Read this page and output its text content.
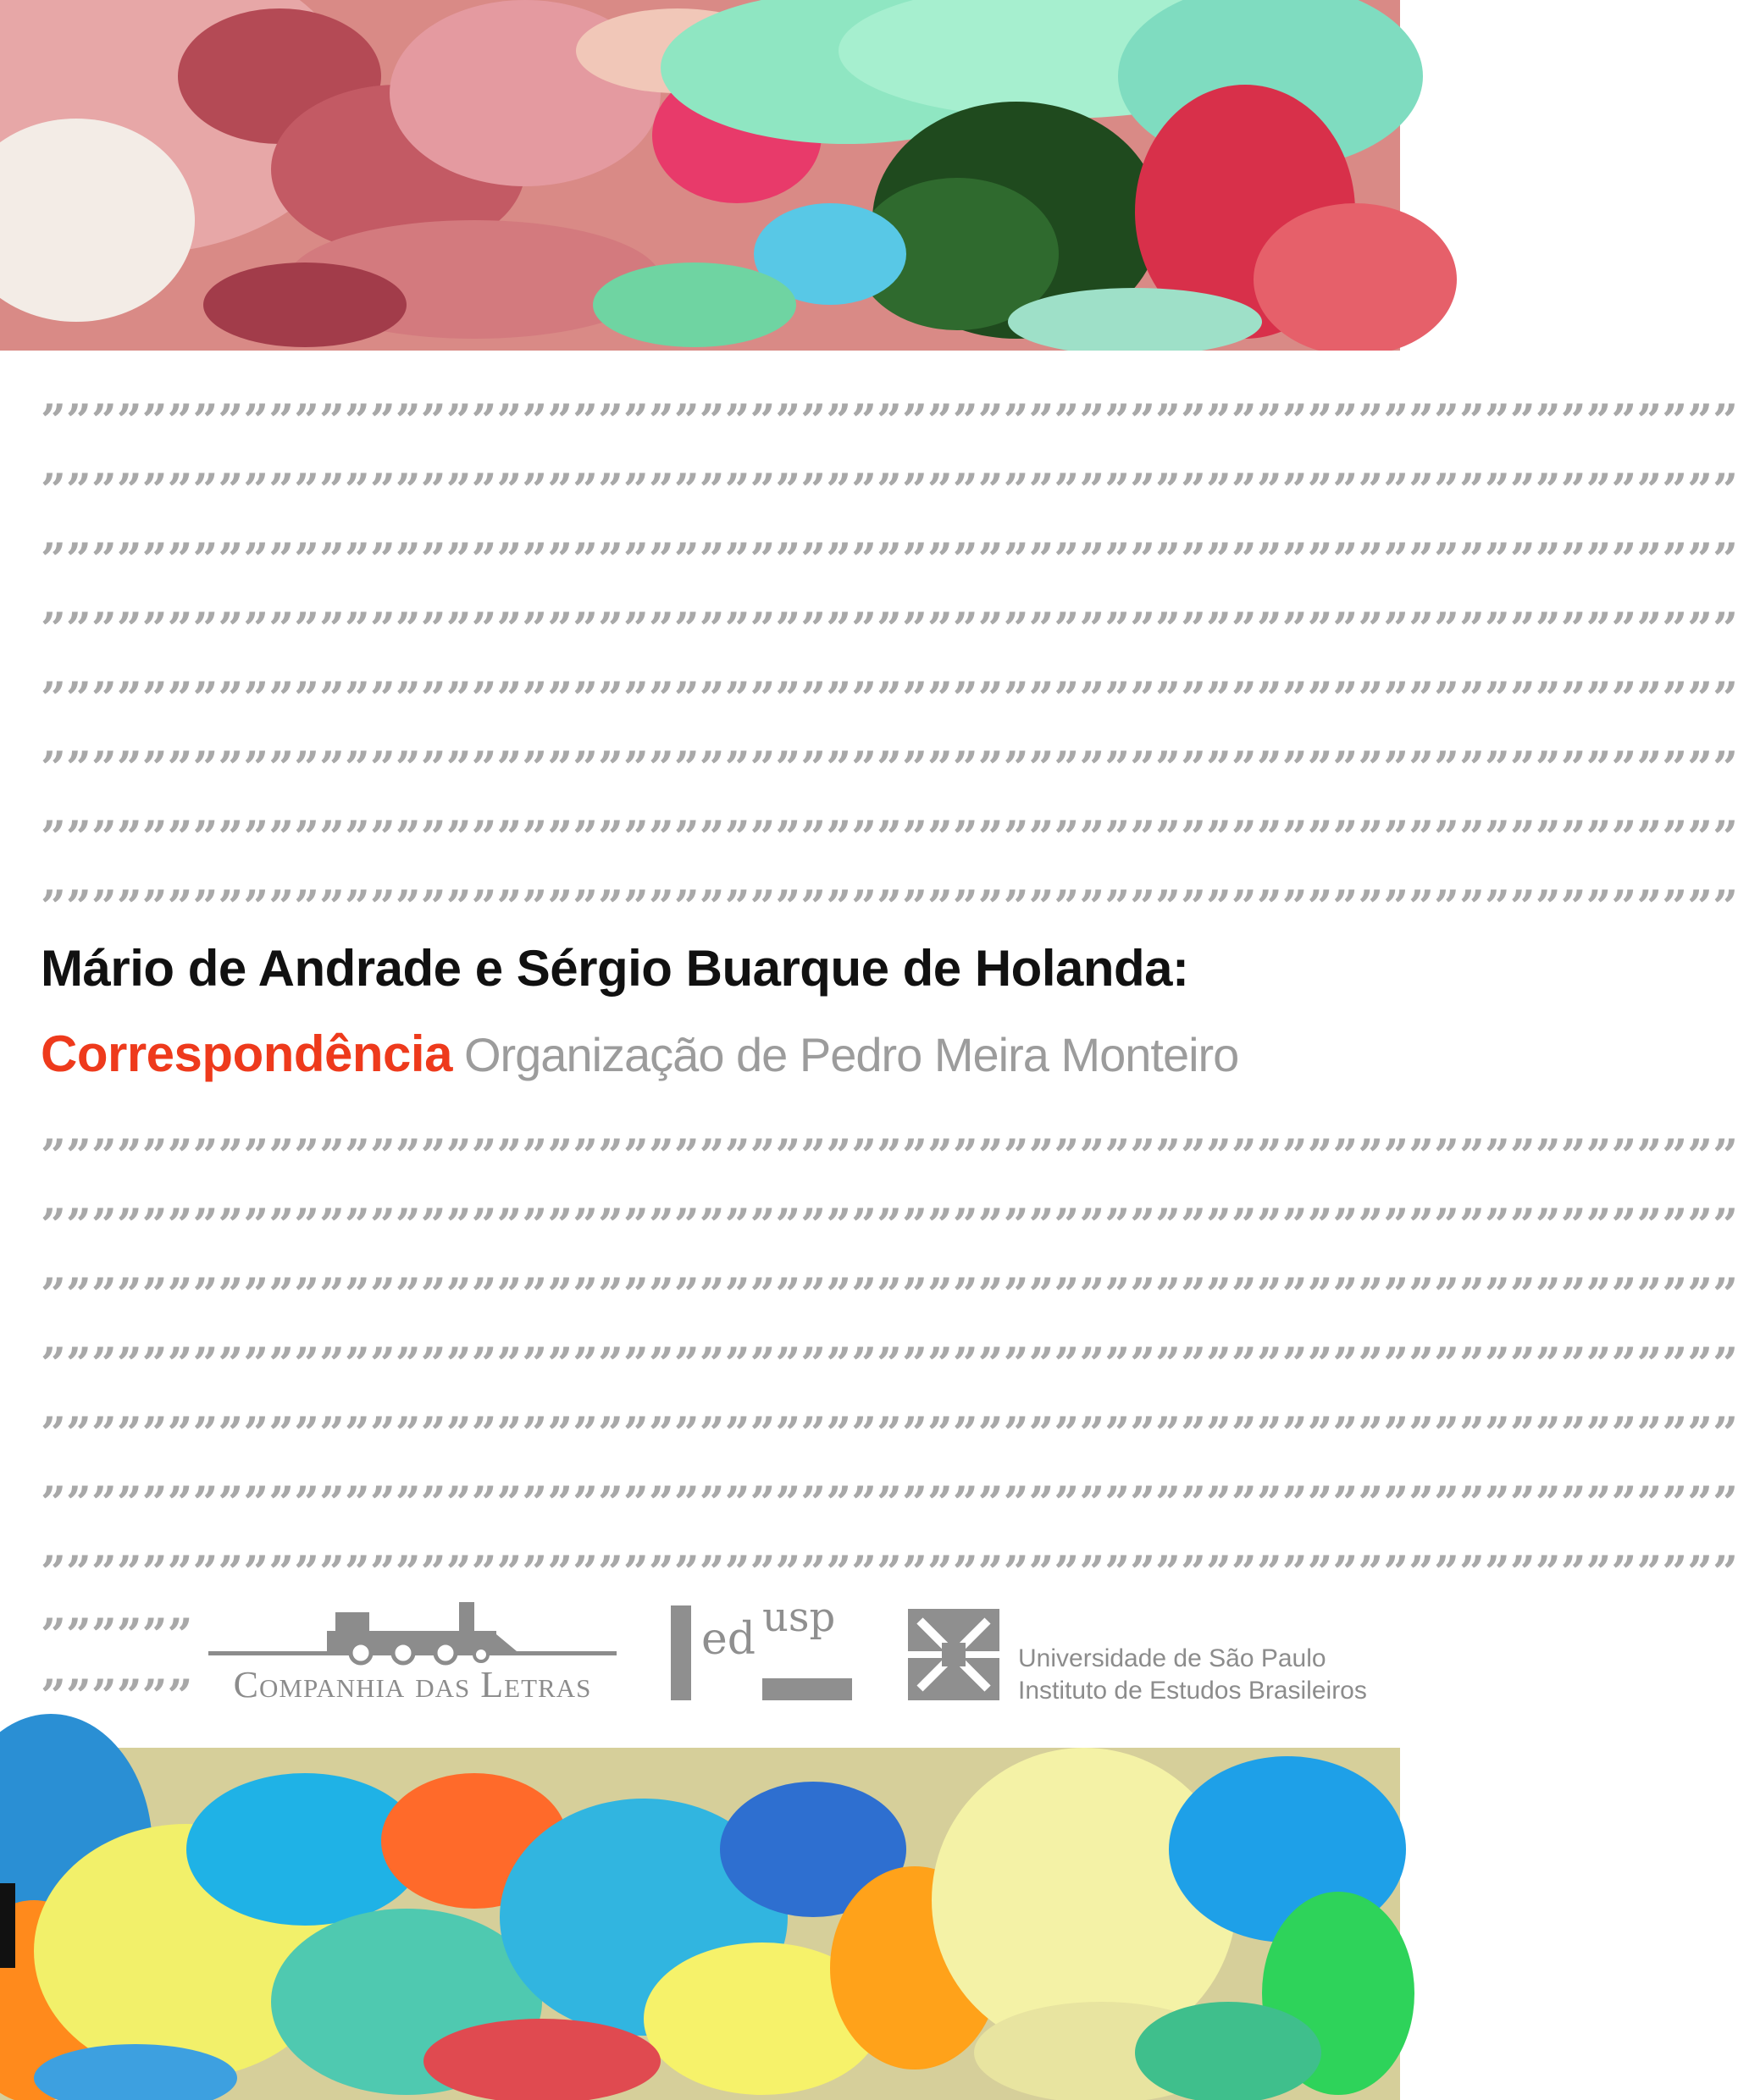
”””””””””””””””””””””””””””””””””””””””””””””””””””””””””””””””””””
”””””””””””””””””””””””””””””””””””””””””””””””””””””””””””””””””””
”””””””””””””””””””””””””””””””””””””””””””””””””””””””””””””””””””
”””””””””””””””””””””””””””””””””””””””””””””””””””””””””””””””””””
”””””””””””””””””””””””””””””””””””””””””””””””””””””””””””””””””””
”””””””””””””””””””””””””””””””””””””””””””””””””””””””””””””””””””
”””””””””””””””””””””””””””””””””””””””””””””””””””””””””””””””””””
”””””””””””””””””””””””””””””””””””””””””””””””””””””””””””””””””””
Mário de Andrade e Sérgio Buarque de Holanda:
Correspondência Organização de Pedro Meira Monteiro
”””””””””””””””””””””””””””””””””””””””””””””””””””””””””””””””””””
”””””””””””””””””””””””””””””””””””””””””””””””””””””””””””””””””””
”””””””””””””””””””””””””””””””””””””””””””””””””””””””””””””””””””
”””””””””””””””””””””””””””””””””””””””””””””””””””””””””””””””””””
”””””””””””””””””””””””””””””””””””””””””””””””””””””””””””””””””””
”””””””””””””””””””””””””””””””””””””””””””””””””””””””””””””””””””
”””””””””””””””””””””””””””””””””””””””””””””””””””””””””””””””””””
””””””
””””””	Companhia das Letras
ed usp
Universidade de São Paulo
Instituto de Estudos Brasileiros
